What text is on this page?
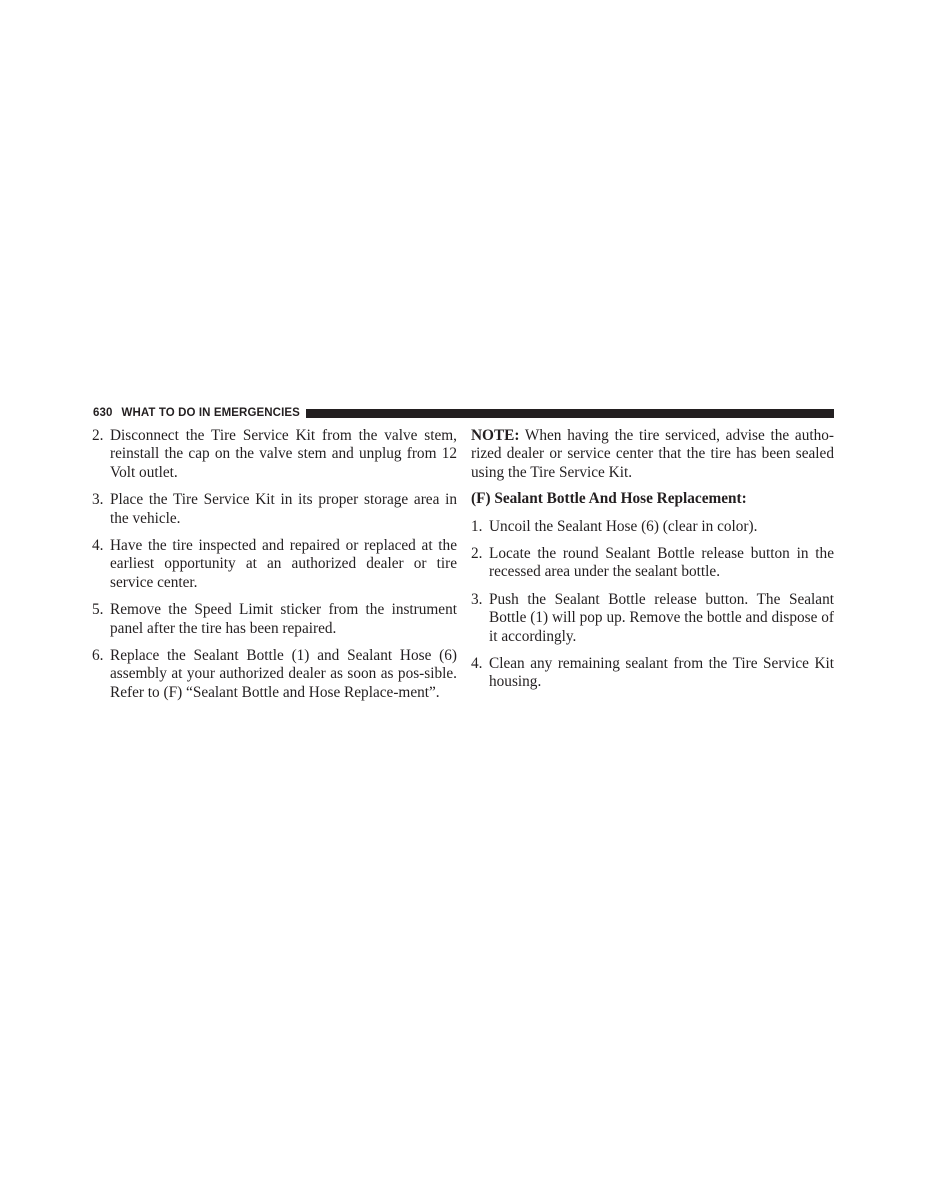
630 WHAT TO DO IN EMERGENCIES
2. Disconnect the Tire Service Kit from the valve stem, reinstall the cap on the valve stem and unplug from 12 Volt outlet.
3. Place the Tire Service Kit in its proper storage area in the vehicle.
4. Have the tire inspected and repaired or replaced at the earliest opportunity at an authorized dealer or tire service center.
5. Remove the Speed Limit sticker from the instrument panel after the tire has been repaired.
6. Replace the Sealant Bottle (1) and Sealant Hose (6) assembly at your authorized dealer as soon as pos-sible. Refer to (F) “Sealant Bottle and Hose Replace-ment”.

NOTE: When having the tire serviced, advise the autho-rized dealer or service center that the tire has been sealed using the Tire Service Kit.

(F) Sealant Bottle And Hose Replacement:

1. Uncoil the Sealant Hose (6) (clear in color).
2. Locate the round Sealant Bottle release button in the recessed area under the sealant bottle.
3. Push the Sealant Bottle release button. The Sealant Bottle (1) will pop up. Remove the bottle and dispose of it accordingly.
4. Clean any remaining sealant from the Tire Service Kit housing.
